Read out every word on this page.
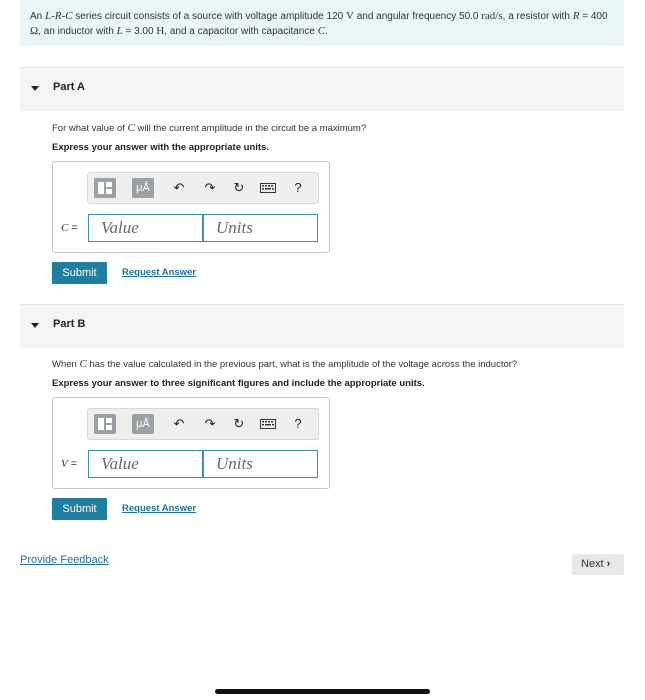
An L-R-C series circuit consists of a source with voltage amplitude 120 V and angular frequency 50.0 rad/s, a resistor with R = 400 Ω, an inductor with L = 3.00 H, and a capacitor with capacitance C.
Part A
For what value of C will the current amplitude in the circuit be a maximum?
Express your answer with the appropriate units.
μÅ	↶ ↷ ↻	?
C =	Value	Units
Submit	Request Answer
Part B
When C has the value calculated in the previous part, what is the amplitude of the voltage across the inductor?
Express your answer to three significant figures and include the appropriate units.
μÅ	↶ ↷ ↻	?
V =	Value	Units
Submit	Request Answer
Provide Feedback	Next ›
